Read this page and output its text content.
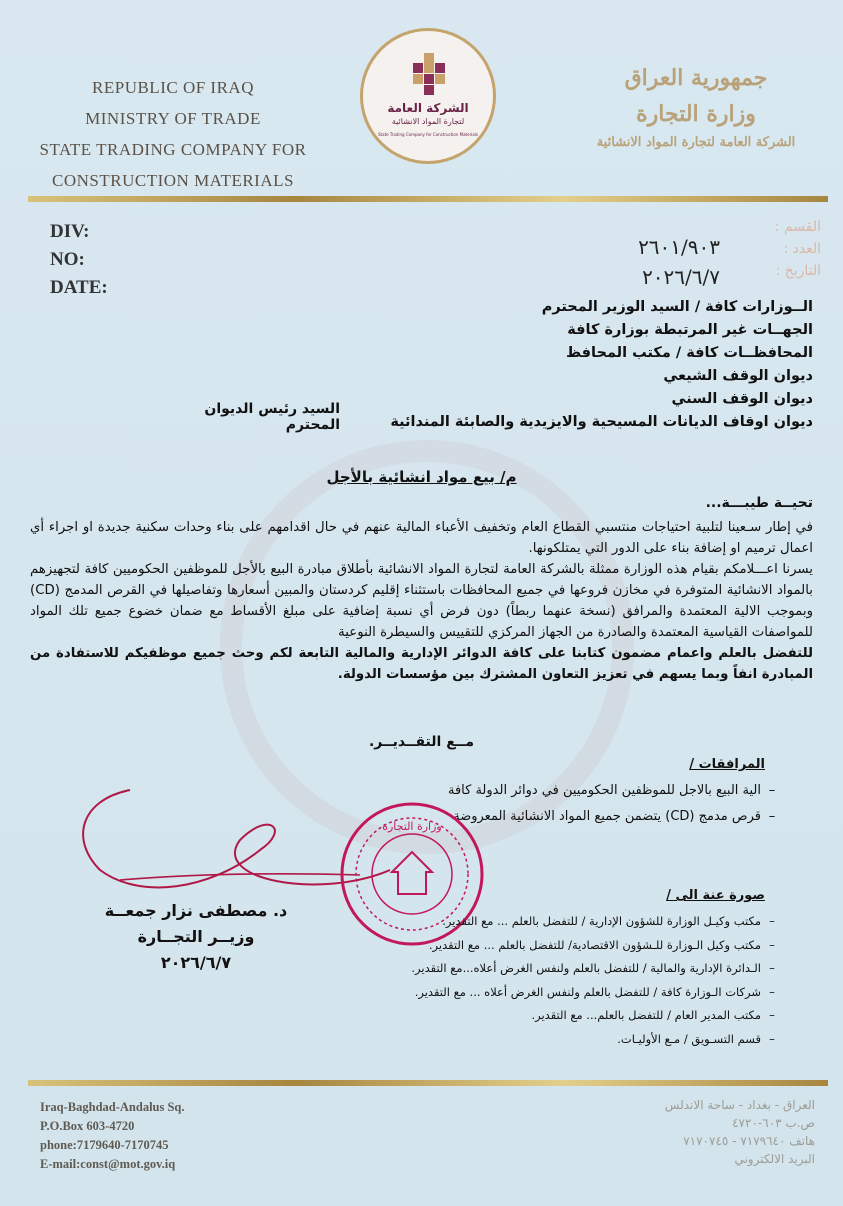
REPUBLIC OF IRAQ
MINISTRY OF TRADE
STATE TRADING COMPANY FOR
CONSTRUCTION MATERIALS
الشركة العامة
لتجارة المواد الانشائية
State Trading Company for Construction Materials
جمهورية العراق
وزارة التجارة
الشركة العامة لتجارة المواد الانشائية
DIV:
NO:
DATE:
القسم :
العدد :
التاريخ :
٢٦٠١/٩٠٣
٢٠٢٦/٦/٧
الــوزارات كافة / السيد الوزير المحترم
الجهــات غير المرتبطة بوزارة كافة
المحافظــات كافة / مكتب المحافظ
ديوان الوقف الشيعي
ديوان الوقف السني
ديوان اوقاف الديانات المسيحية والايزيدية والصابئة المندائية
السيد رئيس الديوان المحترم
م/ بيع مواد انشائية بالأجل
تحيــة طيبـــة...

في إطار سـعينا لتلبية احتياجات منتسبي القطاع العام وتخفيف الأعباء المالية عنهم في حال اقدامهم على بناء وحدات سكنية جديدة او اجراء أي اعمال ترميم او إضافة بناء على الدور التي يمتلكونها.

يسرنا اعـــلامكم بقيام هذه الوزارة ممثلة بالشركة العامة لتجارة المواد الانشائية بأطلاق مبادرة البيع بالأجل للموظفين الحكوميين كافة لتجهيزهم بالمواد الانشائية المتوفرة في مخازن فروعها في جميع المحافظات باستثناء إقليم كردستان والمبين أسعارها وتفاصيلها في القرص المدمج (CD) وبموجب الالية المعتمدة والمرافق (نسخة عنهما ربطاً) دون فرض أي نسبة إضافية على مبلغ الأقساط مع ضمان خضوع جميع تلك المواد للمواصفات القياسية المعتمدة والصادرة من الجهاز المركزي للتقييس والسيطرة النوعية

للتفضل بالعلم واعمام مضمون كتابنا على كافة الدوائر الإدارية والمالية التابعة لكم وحث جميع موظفيكم للاستفادة من المبادرة انفاً وبما يسهم في تعزيز التعاون المشترك بين مؤسسات الدولة.

مــع التقــديــر.
المرافقات /
–الية البيع بالاجل للموظفين الحكوميين في دوائر الدولة كافة
–قرص مدمج (CD) يتضمن جميع المواد الانشائية المعروضة
وزارة التجارة
د. مصطفى نزار جمعــة
وزيــر التجــارة
٢٠٢٦/٦/٧
صورة عنة الى /
–مكتب وكيـل الوزارة للشؤون الإدارية / للتفضل بالعلم ... مع التقدير.
–مكتب وكيل الـوزارة للـشؤون الاقتصادية/ للتفضل بالعلم ... مع التقدير.
–الـدائرة الإدارية والمالية / للتفضل بالعلم ولنفس الغرض أعلاه...مع التقدير.
–شركات الـوزارة كافة / للتفضل بالعلم ولنفس الغرض أعلاه ... مع التقدير.
–مكتب المدير العام / للتفضل بالعلم... مع التقدير.
–قسم التسـويق / مـع الأوليـات.
Iraq-Baghdad-Andalus Sq.
P.O.Box 603-4720
phone:7179640-7170745
E-mail:const@mot.gov.iq
العراق - بغداد - ساحة الاندلس
ص.ب ٦٠٣-٤٧٢٠
هاتف ٧١٧٩٦٤٠ - ٧١٧٠٧٤٥
البريد الالكتروني
